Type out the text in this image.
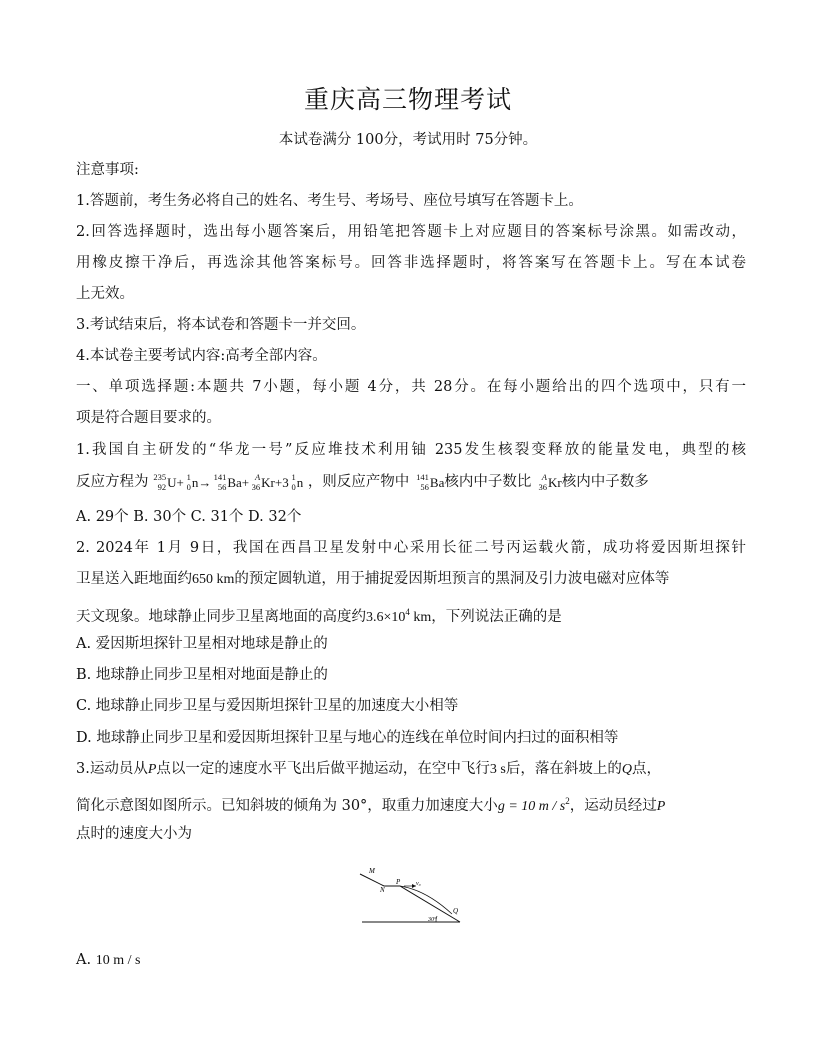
重庆高三物理考试
本试卷满分 100分，考试用时 75分钟。
注意事项:
1.答题前，考生务必将自己的姓名、考生号、考场号、座位号填写在答题卡上。
2.回答选择题时，选出每小题答案后，用铅笔把答题卡上对应题目的答案标号涂黑。如需改动，
用橡皮擦干净后，再选涂其他答案标号。回答非选择题时，将答案写在答题卡上。写在本试卷
上无效。
3.考试结束后，将本试卷和答题卡一并交回。
4.本试卷主要考试内容:高考全部内容。
一、单项选择题:本题共 7小题，每小题 4分，共 28分。在每小题给出的四个选项中，只有一
项是符合题目要求的。
1.我国自主研发的“华龙一号”反应堆技术利用铀 235发生核裂变释放的能量发电，典型的核
反应方程为 235
92 U+ 1
0 n→ 141
56 Ba+ A
36 Kr+3 1
0 n ，则反应产物中 141
56 Ba核内中子数比 A
36 Kr核内中子数多
A. 29个 B. 30个 C. 31个 D. 32个
2. 2024年 1月 9日，我国在西昌卫星发射中心采用长征二号丙运载火箭，成功将爱因斯坦探针
卫星送入距地面约650 km的预定圆轨道，用于捕捉爱因斯坦预言的黑洞及引力波电磁对应体等
天文现象。地球静止同步卫星离地面的高度约$3.6\times 10^4$ km，下列说法正确的是
A. 爱因斯坦探针卫星相对地球是静止的
B. 地球静止同步卫星相对地面是静止的
C. 地球静止同步卫星与爱因斯坦探针卫星的加速度大小相等
D. 地球静止同步卫星和爱因斯坦探针卫星与地心的连线在单位时间内扫过的面积相等
3.运动员从P点以一定的速度水平飞出后做平抛运动，在空中飞行3 s后，落在斜坡上的Q点，
简化示意图如图所示。已知斜坡的倾角为 30°，取重力加速度大小g = 10 m / $s^2$，运动员经过P
点时的速度大小为
M
N
P	v₀
Q
30°
A. 10 m / s
